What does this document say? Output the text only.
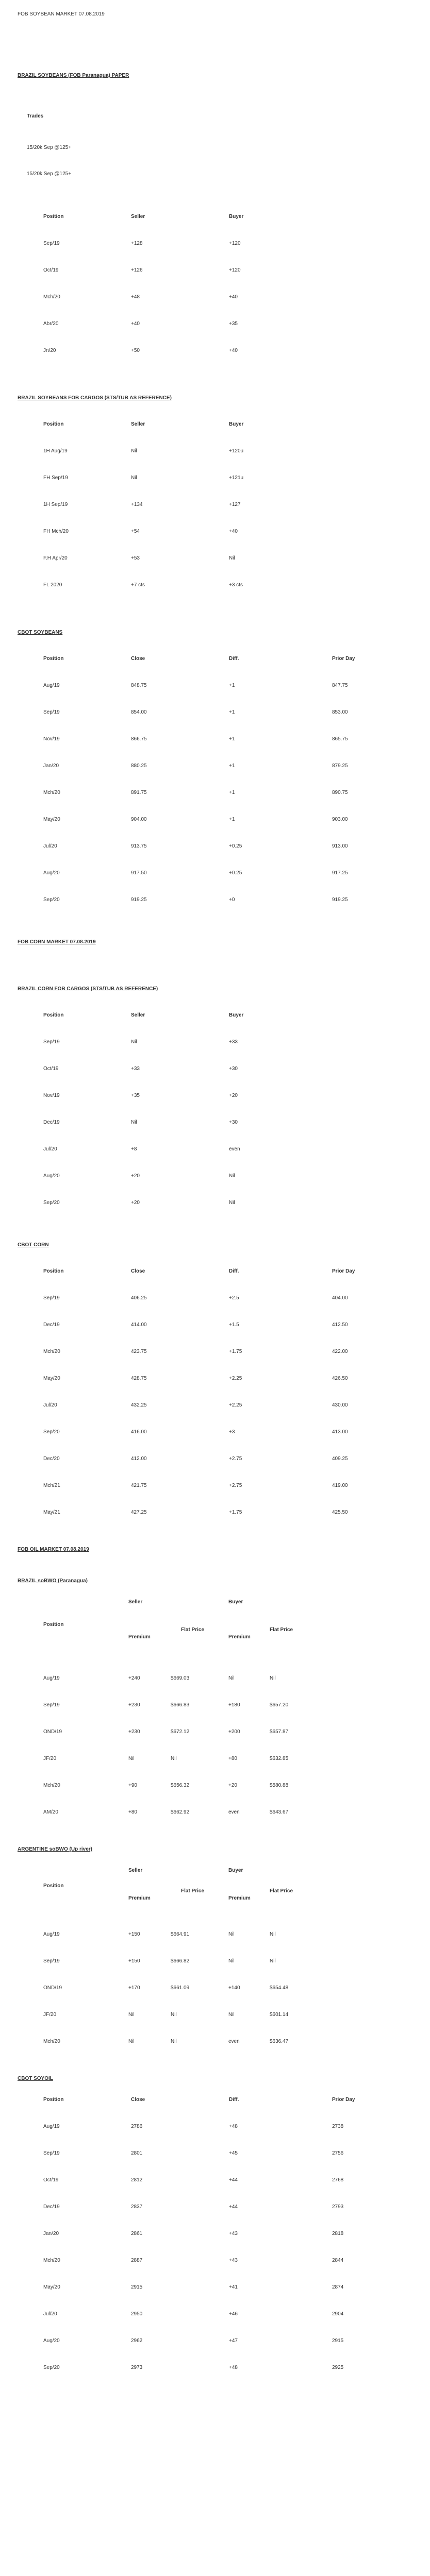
FOB SOYBEAN MARKET 07.08.2019
BRAZIL SOYBEANS (FOB Paranagua) PAPER
Trades
15/20k Sep @125+
15/20k Sep @125+
Position	Seller	Buyer
Sep/19	+128	+120
Oct/19	+126	+120
Mch/20	+48	+40
Abr/20	+40	+35
Jn/20	+50	+40
BRAZIL SOYBEANS FOB CARGOS (STS/TUB AS REFERENCE)
Position	Seller	Buyer
1H Aug/19	Nil	+120u
FH Sep/19	Nil	+121u
1H Sep/19	+134	+127
FH Mch/20	+54	+40
F.H Apr/20	+53	Nil
FL 2020	+7 cts	+3 cts
CBOT SOYBEANS
Position	Close	Diff.	Prior Day
Aug/19	848.75	+1	847.75
Sep/19	854.00	+1	853.00
Nov/19	866.75	+1	865.75
Jan/20	880.25	+1	879.25
Mch/20	891.75	+1	890.75
May/20	904.00	+1	903.00
Jul/20	913.75	+0.25	913.00
Aug/20	917.50	+0.25	917.25
Sep/20	919.25	+0	919.25
FOB CORN MARKET 07.08.2019
BRAZIL CORN FOB CARGOS (STS/TUB AS REFERENCE)
Position	Seller	Buyer
Sep/19	Nil	+33
Oct/19	+33	+30
Nov/19	+35	+20
Dec/19	Nil	+30
Jul/20	+8	even
Aug/20	+20	Nil
Sep/20	+20	Nil
CBOT CORN
Position	Close	Diff.	Prior Day
Sep/19	406.25	+2.5	404.00
Dec/19	414.00	+1.5	412.50
Mch/20	423.75	+1.75	422.00
May/20	428.75	+2.25	426.50
Jul/20	432.25	+2.25	430.00
Sep/20	416.00	+3	413.00
Dec/20	412.00	+2.75	409.25
Mch/21	421.75	+2.75	419.00
May/21	427.25	+1.75	425.50
FOB OIL MARKET 07.08.2019
BRAZIL soBWO (Paranagua)
	Seller		Buyer	
Position	Premium	Flat Price	Premium	Flat Price
Aug/19	+240	$669.03	Nil	Nil
Sep/19	+230	$666.83	+180	$657.20
OND/19	+230	$672.12	+200	$657.87
JF/20	Nil	Nil	+80	$632.85
Mch/20	+90	$656.32	+20	$580.88
AM/20	+80	$662.92	even	$643.67
ARGENTINE soBWO (Up river)
	Seller		Buyer	
Position	Premium	Flat Price	Premium	Flat Price
Aug/19	+150	$664.91	Nil	Nil
Sep/19	+150	$666.82	Nil	Nil
OND/19	+170	$661.09	+140	$654.48
JF/20	Nil	Nil	Nil	$601.14
Mch/20	Nil	Nil	even	$636.47
CBOT SOYOIL
Position	Close	Diff.	Prior Day
Aug/19	2786	+48	2738
Sep/19	2801	+45	2756
Oct/19	2812	+44	2768
Dec/19	2837	+44	2793
Jan/20	2861	+43	2818
Mch/20	2887	+43	2844
May/20	2915	+41	2874
Jul/20	2950	+46	2904
Aug/20	2962	+47	2915
Sep/20	2973	+48	2925
